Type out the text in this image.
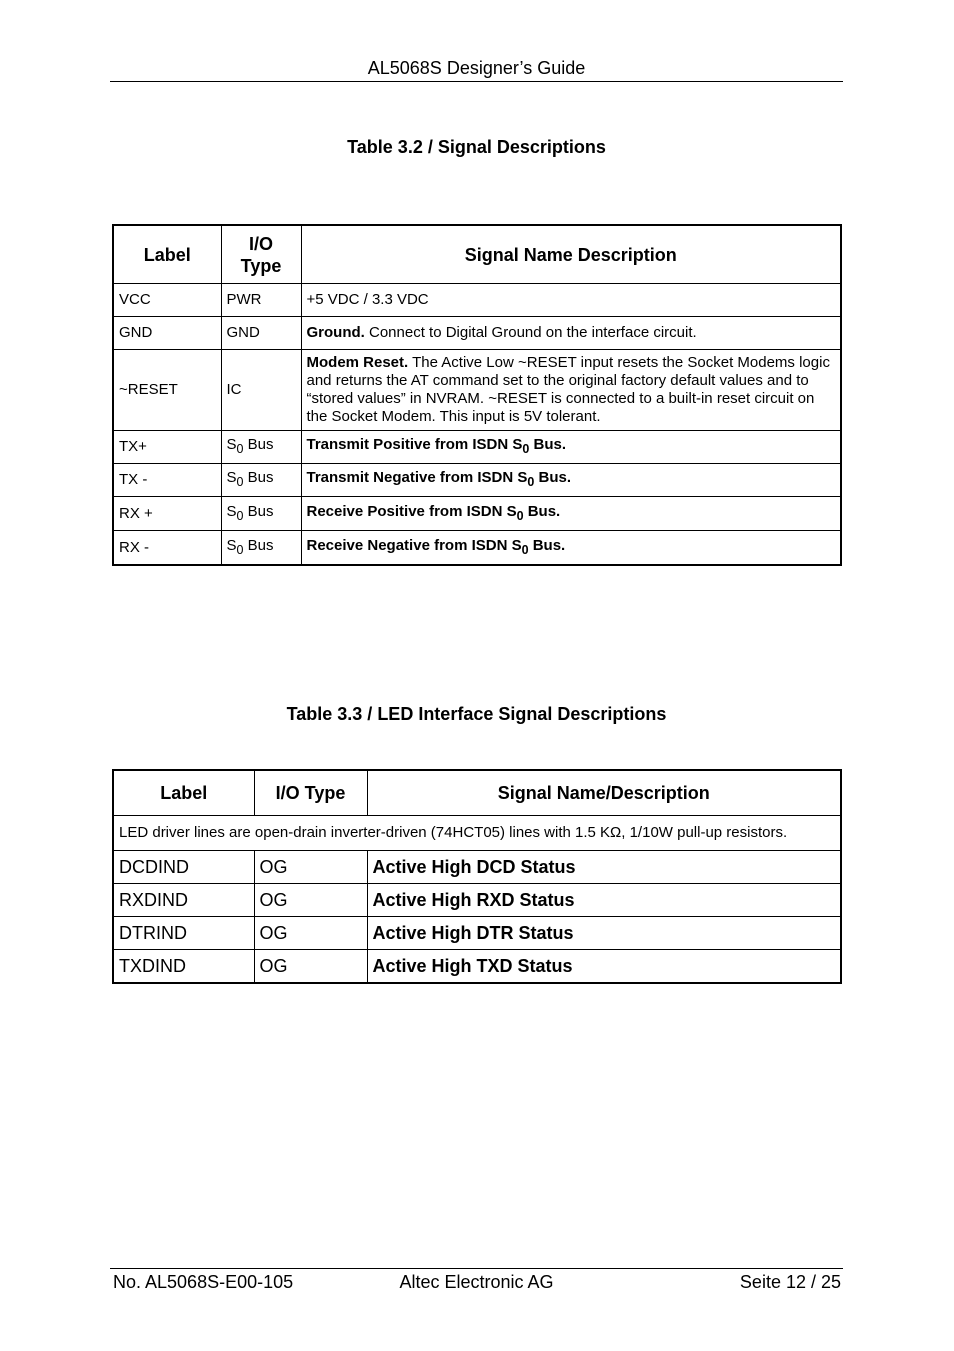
AL5068S Designer’s Guide
Table 3.2 / Signal Descriptions
Label	I/O Type	Signal Name Description
VCC	PWR	+5 VDC / 3.3 VDC
GND	GND	Ground. Connect to Digital Ground on the interface circuit.
~RESET	IC	Modem Reset. The Active Low ~RESET input resets the Socket Modems logic and returns the AT command set to the original factory default values and to “stored values” in NVRAM. ~RESET is connected to a built-in reset circuit on the Socket Modem. This input is 5V tolerant.
TX+	$S_0$ Bus	Transmit Positive from ISDN $S_0$ Bus.
TX -	$S_0$ Bus	Transmit Negative from ISDN $S_0$ Bus.
RX +	$S_0$ Bus	Receive Positive from ISDN $S_0$ Bus.
RX -	$S_0$ Bus	Receive Negative from ISDN $S_0$ Bus.
Table 3.3 / LED Interface Signal Descriptions
Label	I/O Type	Signal Name/Description
LED driver lines are open-drain inverter-driven (74HCT05) lines with 1.5 KΩ, 1/10W pull-up resistors.		
DCDIND	OG	Active High DCD Status
RXDIND	OG	Active High RXD Status
DTRIND	OG	Active High DTR Status
TXDIND	OG	Active High TXD Status
No. AL5068S-E00-105	Altec Electronic AG	Seite 12 / 25
